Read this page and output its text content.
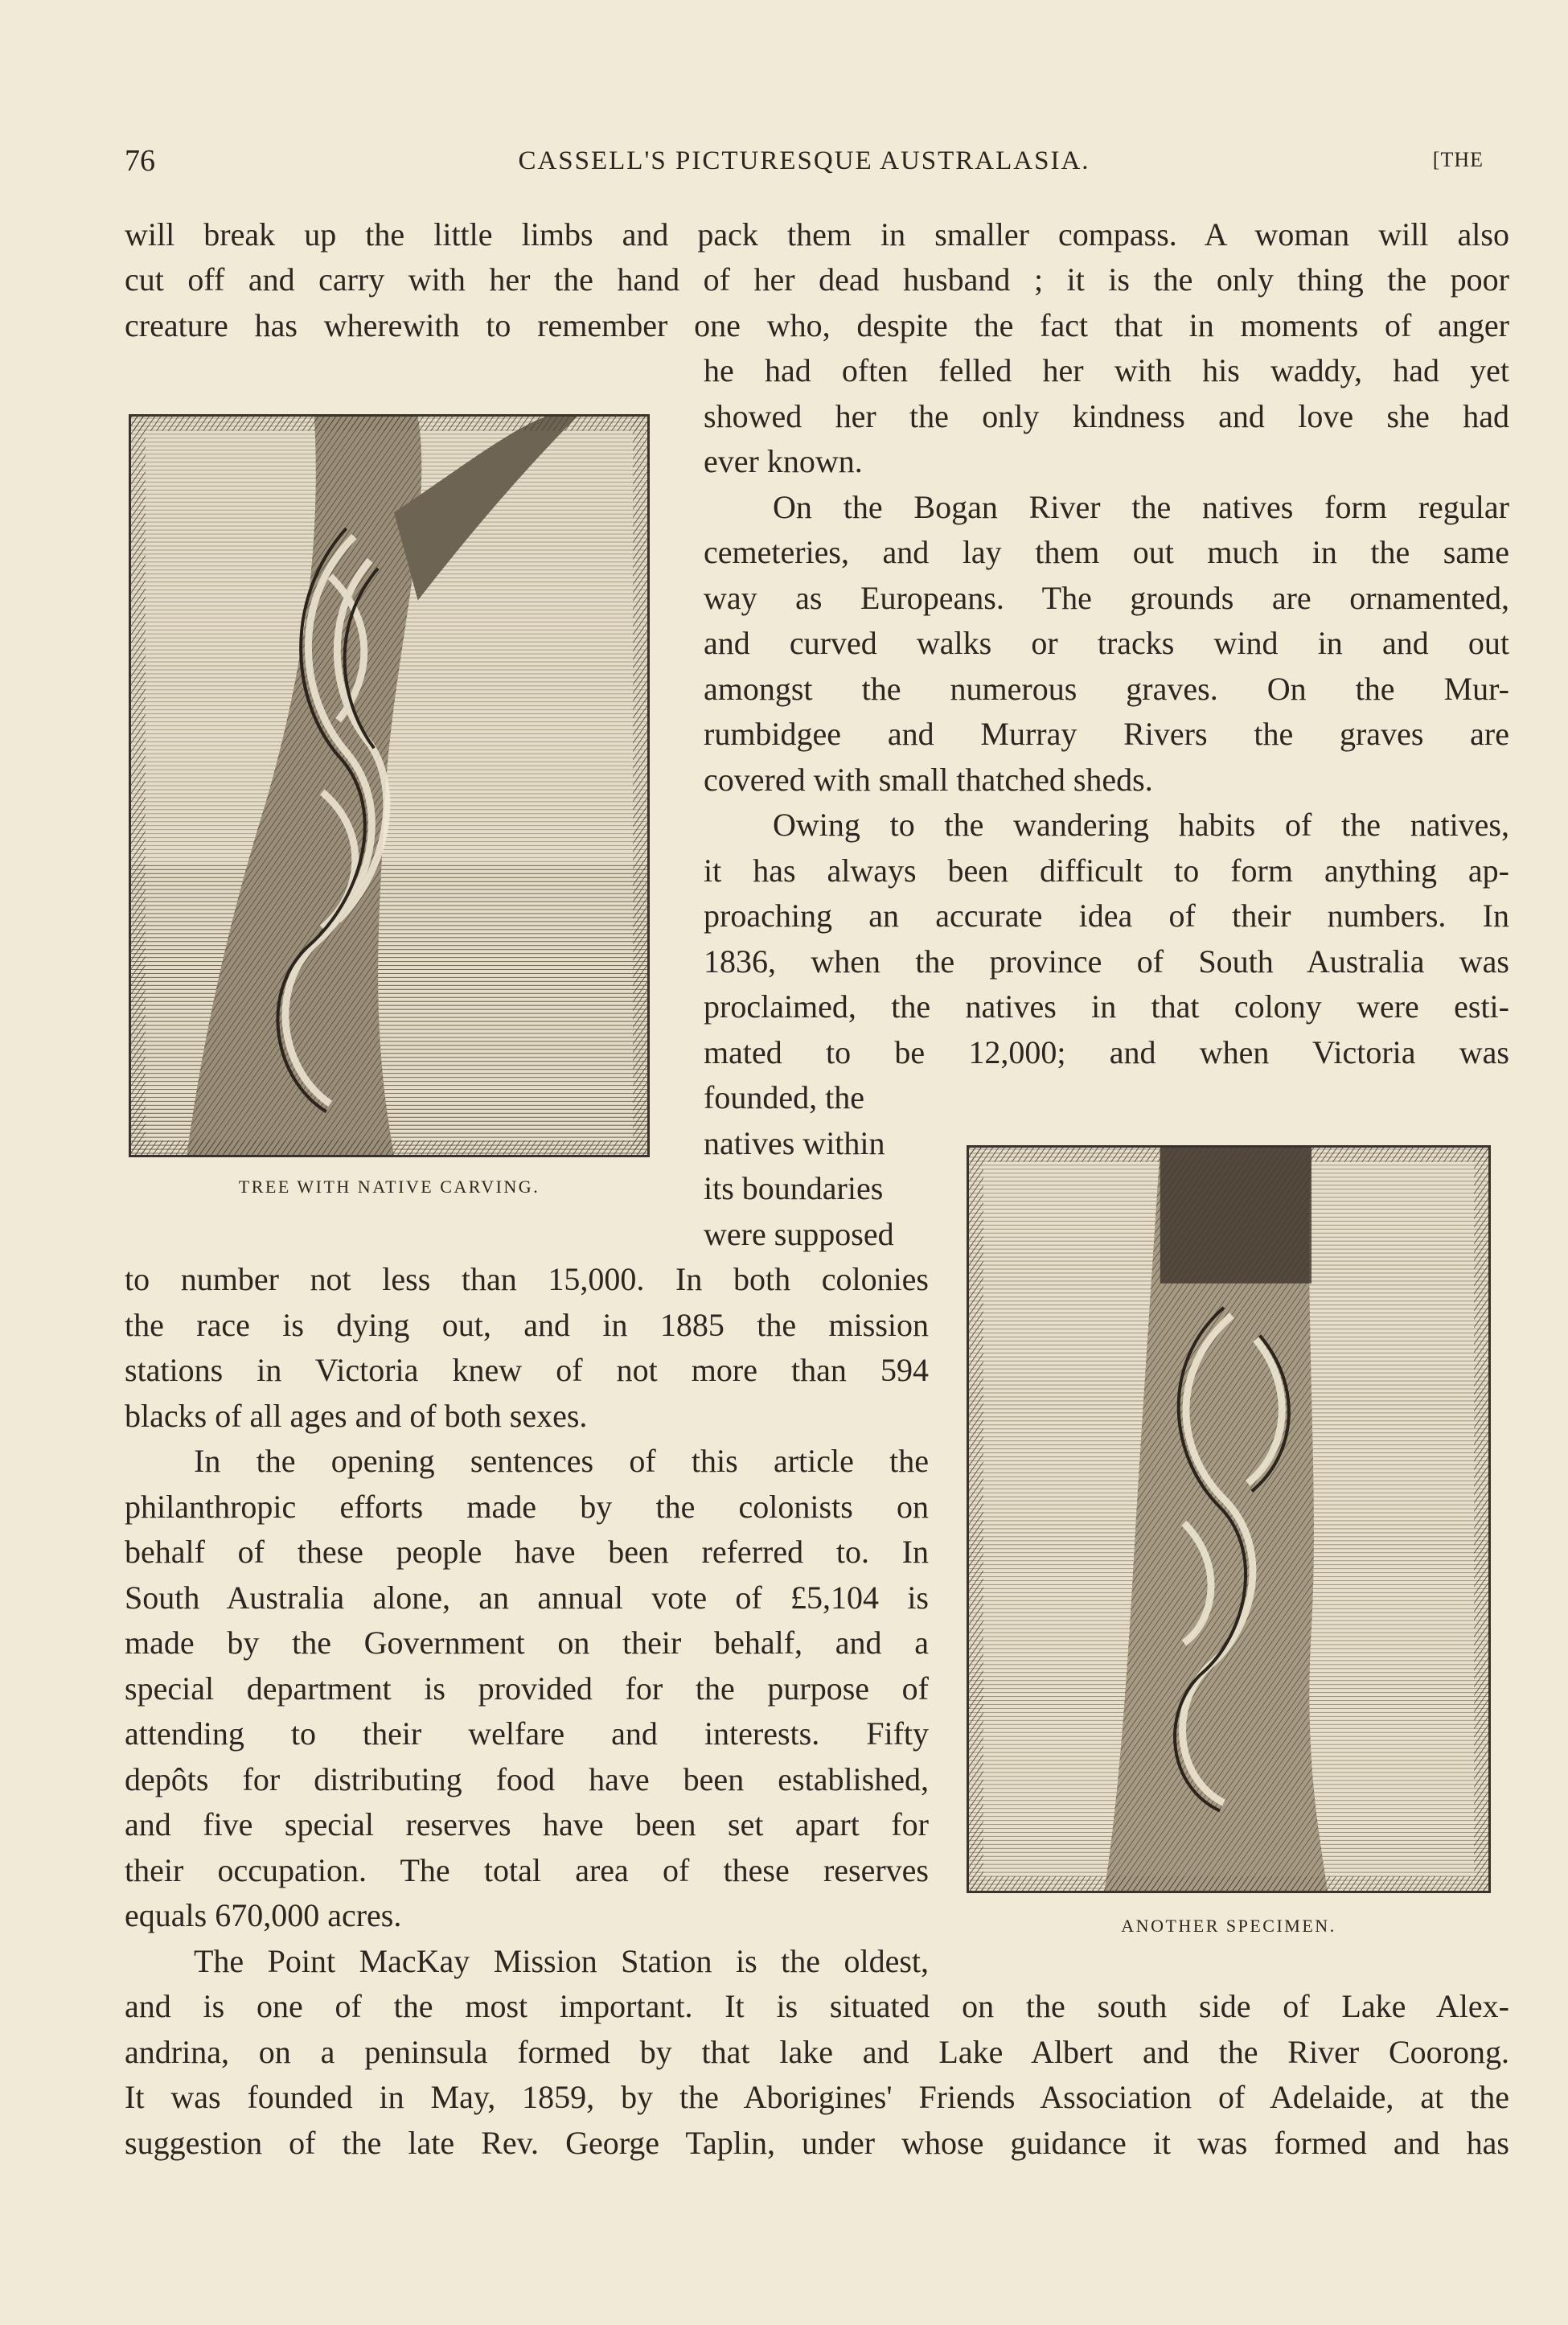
76	CASSELL'S PICTURESQUE AUSTRALASIA.	[THE
TREE WITH NATIVE CARVING.
ANOTHER SPECIMEN.

will break up the little limbs and pack them in smaller compass. A woman will also

cut off and carry with her the hand of her dead husband ; it is the only thing the poor

creature has wherewith to remember one who, despite the fact that in moments of anger

he had often felled her with his waddy, had yet

showed her the only kindness and love she had

ever known.

On the Bogan River the natives form regular

cemeteries, and lay them out much in the same

way as Europeans. The grounds are ornamented,

and curved walks or tracks wind in and out

amongst the numerous graves. On the Mur-

rumbidgee and Murray Rivers the graves are

covered with small thatched sheds.

Owing to the wandering habits of the natives,

it has always been difficult to form anything ap-

proaching an accurate idea of their numbers. In

1836, when the province of South Australia was

proclaimed, the natives in that colony were esti-

mated to be 12,000; and when Victoria was

founded, the

natives within

its boundaries

were supposed

to number not less than 15,000. In both colonies

the race is dying out, and in 1885 the mission

stations in Victoria knew of not more than 594

blacks of all ages and of both sexes.

In the opening sentences of this article the

philanthropic efforts made by the colonists on

behalf of these people have been referred to. In

South Australia alone, an annual vote of £5,104 is

made by the Government on their behalf, and a

special department is provided for the purpose of

attending to their welfare and interests. Fifty

depôts for distributing food have been established,

and five special reserves have been set apart for

their occupation. The total area of these reserves

equals 670,000 acres.

The Point MacKay Mission Station is the oldest,

and is one of the most important. It is situated on the south side of Lake Alex-

andrina, on a peninsula formed by that lake and Lake Albert and the River Coorong.

It was founded in May, 1859, by the Aborigines' Friends Association of Adelaide, at the

suggestion of the late Rev. George Taplin, under whose guidance it was formed and has
